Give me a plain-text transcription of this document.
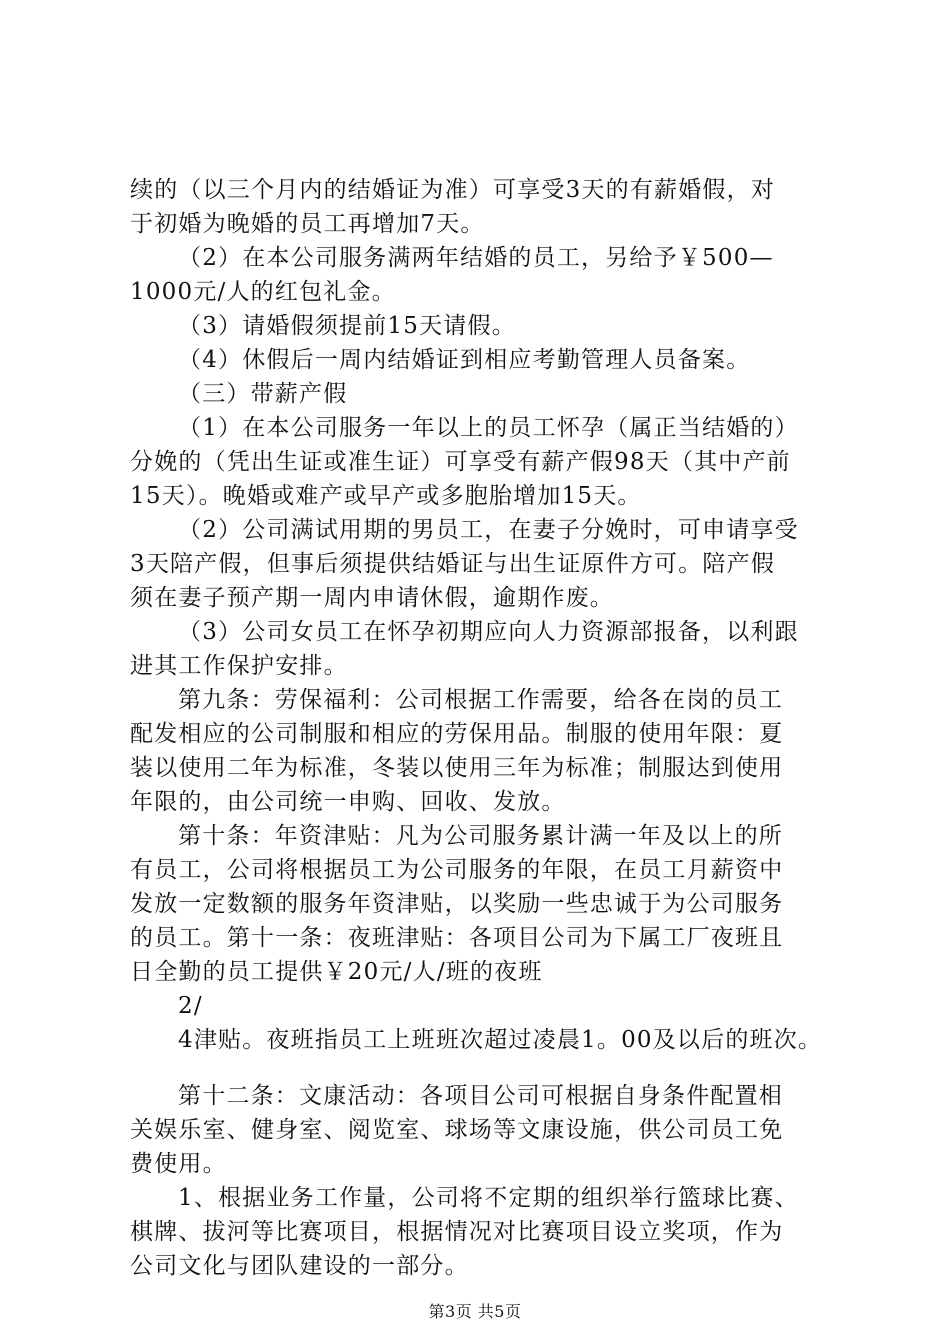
续的（以三个月内的结婚证为准）可享受3天的有薪婚假，对
于初婚为晚婚的员工再增加7天。
（2）在本公司服务满两年结婚的员工，另给予￥500—
1000元/人的红包礼金。
（3）请婚假须提前15天请假。
（4）休假后一周内结婚证到相应考勤管理人员备案。
（三）带薪产假
（1）在本公司服务一年以上的员工怀孕（属正当结婚的）
分娩的（凭出生证或准生证）可享受有薪产假98天（其中产前
15天）。晚婚或难产或早产或多胞胎增加15天。
（2）公司满试用期的男员工，在妻子分娩时，可申请享受
3天陪产假，但事后须提供结婚证与出生证原件方可。陪产假
须在妻子预产期一周内申请休假，逾期作废。
（3）公司女员工在怀孕初期应向人力资源部报备，以利跟
进其工作保护安排。
第九条：劳保福利：公司根据工作需要，给各在岗的员工
配发相应的公司制服和相应的劳保用品。制服的使用年限：夏
装以使用二年为标准，冬装以使用三年为标准；制服达到使用
年限的，由公司统一申购、回收、发放。
第十条：年资津贴：凡为公司服务累计满一年及以上的所
有员工，公司将根据员工为公司服务的年限，在员工月薪资中
发放一定数额的服务年资津贴，以奖励一些忠诚于为公司服务
的员工。第十一条：夜班津贴：各项目公司为下属工厂夜班且
日全勤的员工提供￥20元/人/班的夜班
2/
4津贴。夜班指员工上班班次超过凌晨1。00及以后的班次。
第十二条：文康活动：各项目公司可根据自身条件配置相
关娱乐室、健身室、阅览室、球场等文康设施，供公司员工免
费使用。
1、根据业务工作量，公司将不定期的组织举行篮球比赛、
棋牌、拔河等比赛项目，根据情况对比赛项目设立奖项，作为
公司文化与团队建设的一部分。
第3页 共5页
